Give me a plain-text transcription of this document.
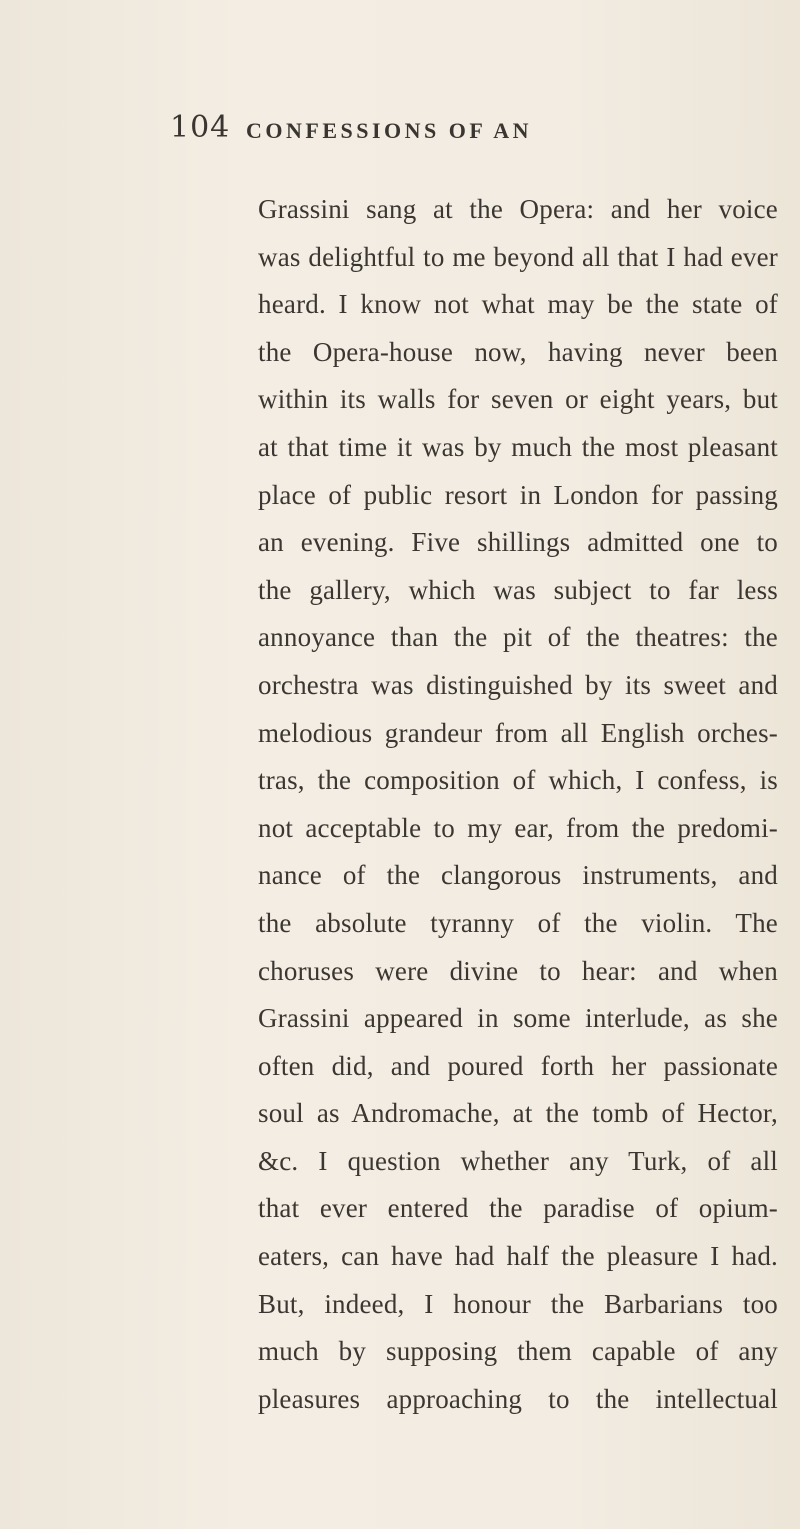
104 CONFESSIONS OF AN
Grassini sang at the Opera: and her voice
was delightful to me beyond all that I had ever
heard. I know not what may be the state of
the Opera-house now, having never been
within its walls for seven or eight years, but
at that time it was by much the most pleasant
place of public resort in London for passing
an evening. Five shillings admitted one to
the gallery, which was subject to far less
annoyance than the pit of the theatres: the
orchestra was distinguished by its sweet and
melodious grandeur from all English orches-
tras, the composition of which, I confess, is
not acceptable to my ear, from the predomi-
nance of the clangorous instruments, and
the absolute tyranny of the violin. The
choruses were divine to hear: and when
Grassini appeared in some interlude, as she
often did, and poured forth her passionate
soul as Andromache, at the tomb of Hector,
&c. I question whether any Turk, of all
that ever entered the paradise of opium-
eaters, can have had half the pleasure I had.
But, indeed, I honour the Barbarians too
much by supposing them capable of any
pleasures approaching to the intellectual
